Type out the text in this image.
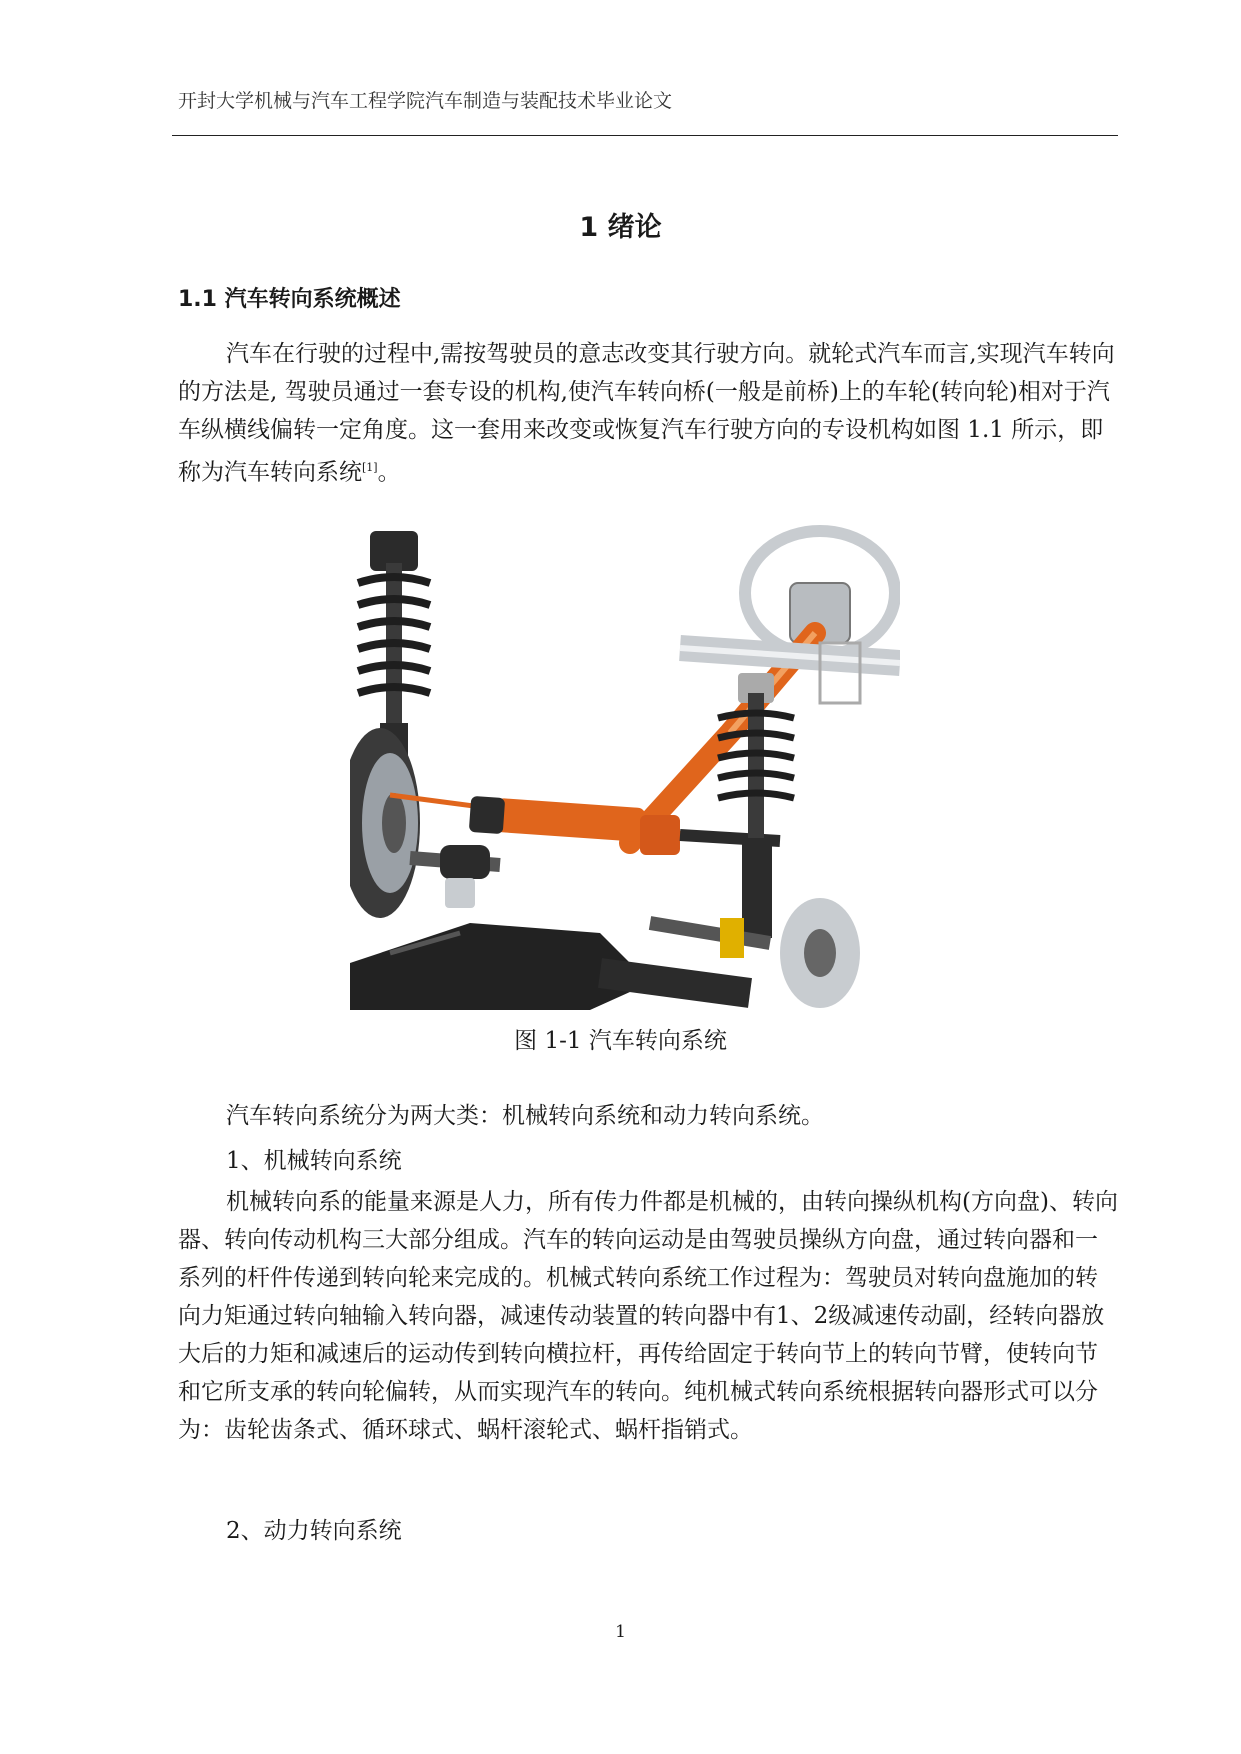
开封大学机械与汽车工程学院汽车制造与装配技术毕业论文
1 绪论
1.1 汽车转向系统概述

汽车在行驶的过程中,需按驾驶员的意志改变其行驶方向。就轮式汽车而言,实现汽车转向的方法是, 驾驶员通过一套专设的机构,使汽车转向桥(一般是前桥)上的车轮(转向轮)相对于汽车纵横线偏转一定角度。这一套用来改变或恢复汽车行驶方向的专设机构如图 1.1 所示，即称为汽车转向系统[1]。

图 1-1 汽车转向系统

汽车转向系统分为两大类：机械转向系统和动力转向系统。

1、机械转向系统

机械转向系的能量来源是人力，所有传力件都是机械的，由转向操纵机构(方向盘)、转向器、转向传动机构三大部分组成。汽车的转向运动是由驾驶员操纵方向盘，通过转向器和一系列的杆件传递到转向轮来完成的。机械式转向系统工作过程为：驾驶员对转向盘施加的转向力矩通过转向轴输入转向器，减速传动装置的转向器中有1、2级减速传动副，经转向器放大后的力矩和减速后的运动传到转向横拉杆，再传给固定于转向节上的转向节臂，使转向节和它所支承的转向轮偏转，从而实现汽车的转向。纯机械式转向系统根据转向器形式可以分为：齿轮齿条式、循环球式、蜗杆滚轮式、蜗杆指销式。

2、动力转向系统

1
